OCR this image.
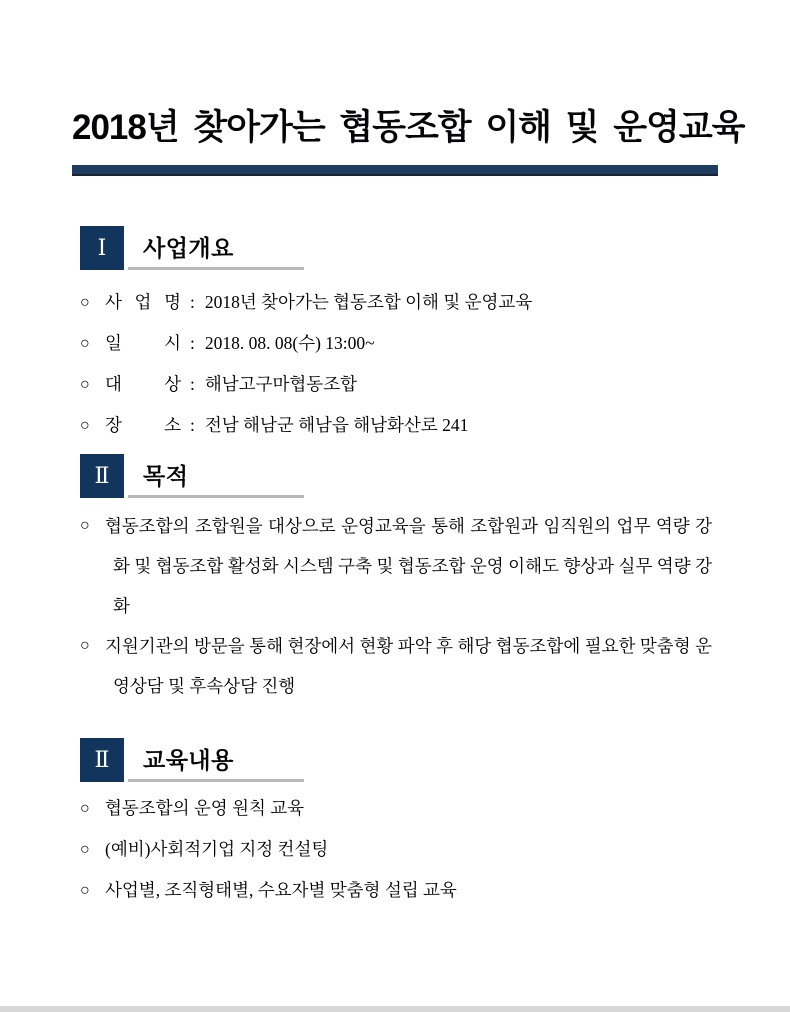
2018년 찾아가는 협동조합 이해 및 운영교육
Ⅰ 사업개요
○ 사 업 명 : 2018년 찾아가는 협동조합 이해 및 운영교육
○ 일 시 : 2018. 08. 08(수) 13:00~
○ 대 상 : 해남고구마협동조합
○ 장 소 : 전남 해남군 해남읍 해남화산로 241
Ⅱ 목적
○ 협동조합의 조합원을 대상으로 운영교육을 통해 조합원과 임직원의 업무 역량 강화 및 협동조합 활성화 시스템 구축 및 협동조합 운영 이해도 향상과 실무 역량 강화
○ 지원기관의 방문을 통해 현장에서 현황 파악 후 해당 협동조합에 필요한 맞춤형 운영상담 및 후속상담 진행
Ⅱ 교육내용
○ 협동조합의 운영 원칙 교육
○ (예비)사회적기업 지정 컨설팅
○ 사업별, 조직형태별, 수요자별 맞춤형 설립 교육
